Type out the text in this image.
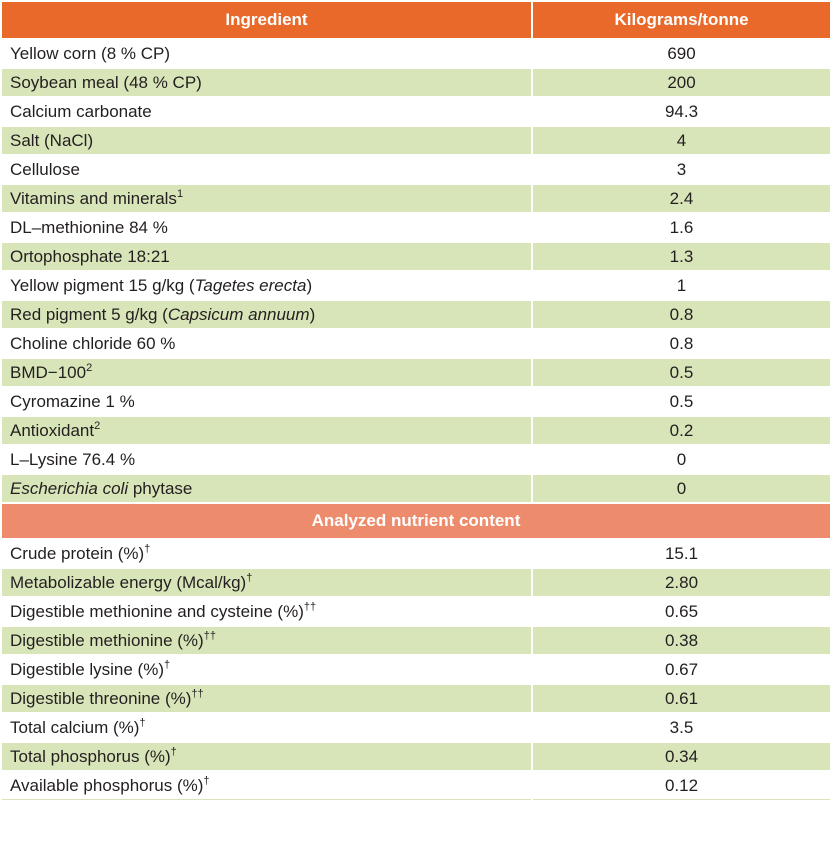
Ingredient	Kilograms/tonne
Yellow corn (8 % CP)	690
Soybean meal (48 % CP)	200
Calcium carbonate	94.3
Salt (NaCl)	4
Cellulose	3
Vitamins and minerals$^1$	2.4
DL–methionine 84 %	1.6
Ortophosphate 18:21	1.3
Yellow pigment 15 g/kg (Tagetes erecta)	1
Red pigment 5 g/kg (Capsicum annuum)	0.8
Choline chloride 60 %	0.8
$BMD-100^2$	0.5
Cyromazine 1 %	0.5
Antioxidant$^2$	0.2
L–Lysine 76.4 %	0
Escherichia coli phytase	0
Analyzed nutrient content	
Crude protein (%)†	15.1
Metabolizable energy (Mcal/kg)†	2.80
Digestible methionine and cysteine (%)††	0.65
Digestible methionine (%)††	0.38
Digestible lysine (%)†	0.67
Digestible threonine (%)††	0.61
Total calcium (%)†	3.5
Total phosphorus (%)†	0.34
Available phosphorus (%)†	0.12
